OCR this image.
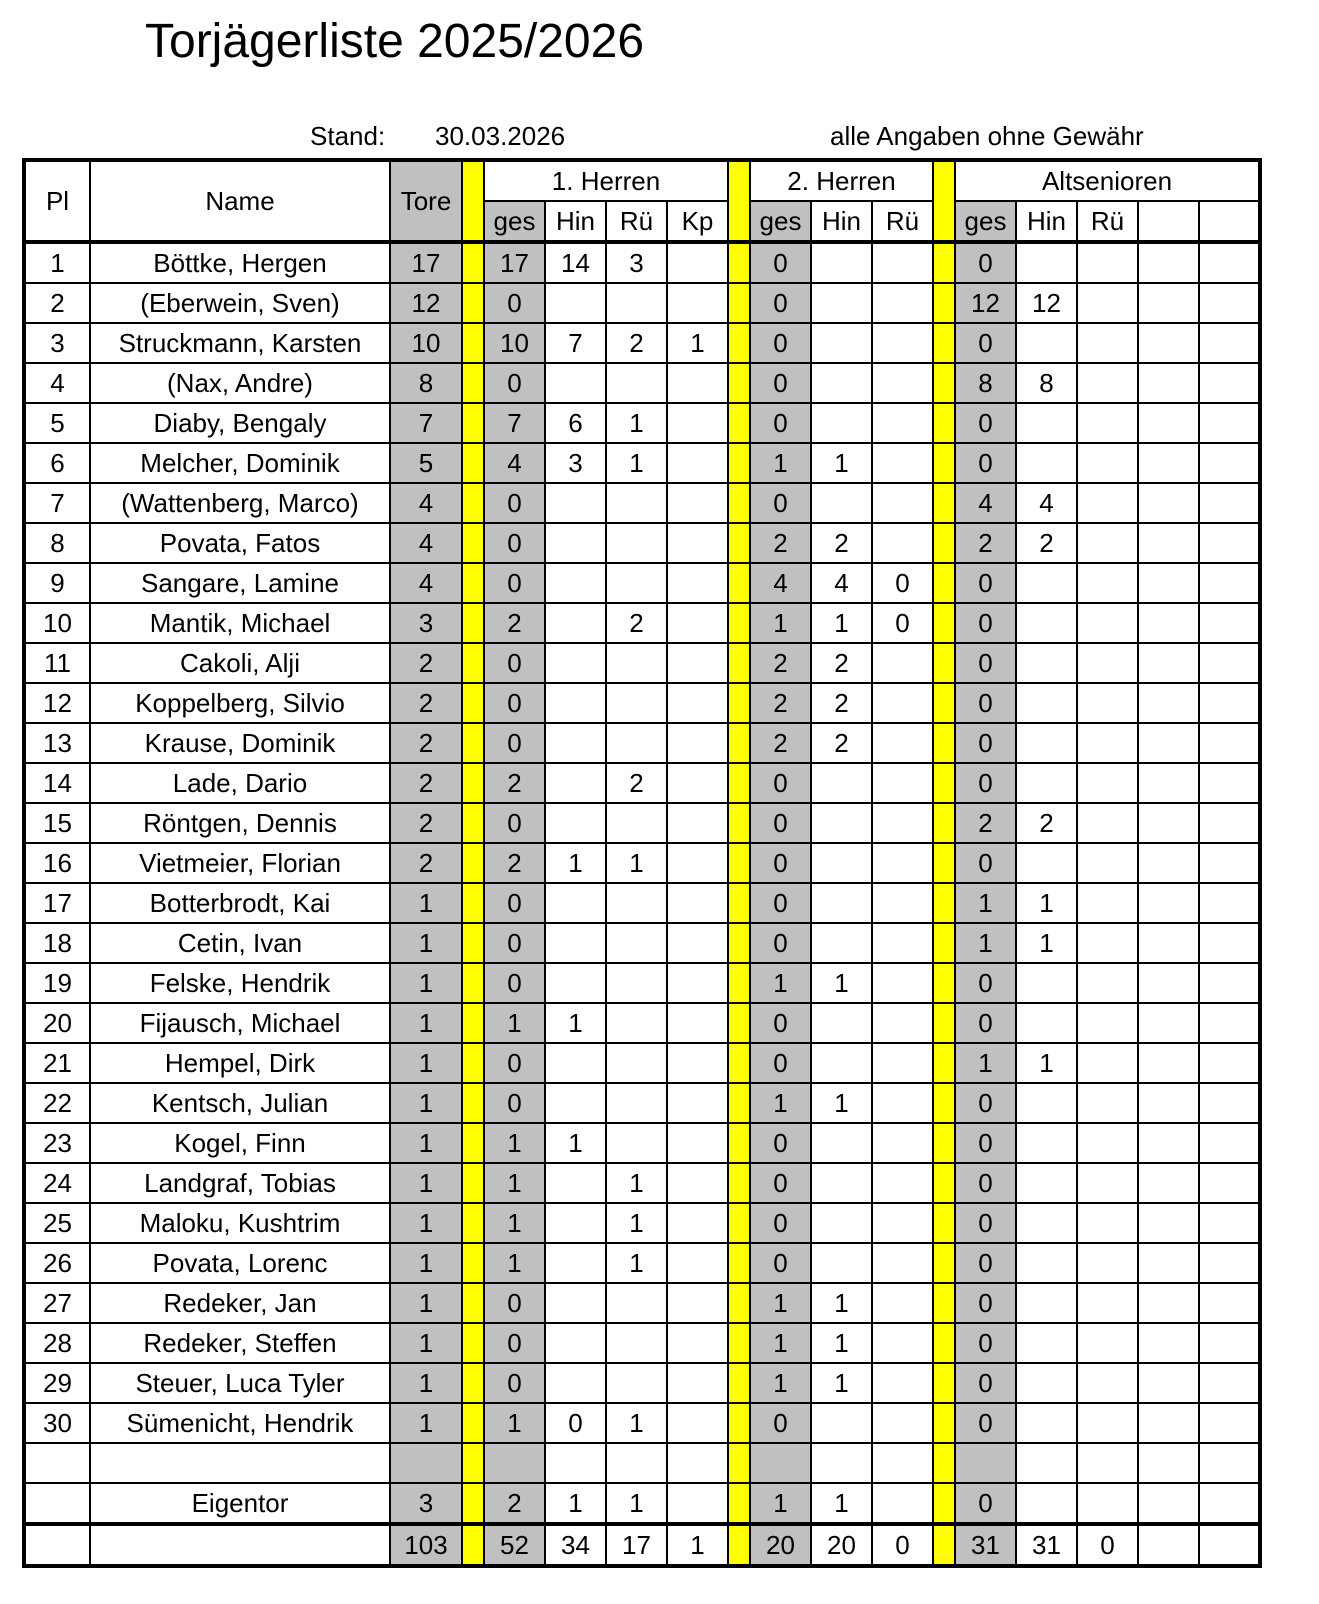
Torjägerliste 2025/2026
Stand: 30.03.2026	alle Angaben ohne Gewähr
Pl	Name	Tore		1. Herren					2. Herren				Altsenioren				
				ges	Hin	Rü	Kp		ges	Hin	Rü		ges	Hin	Rü		
1	Böttke, Hergen	17		17	14	3			0				0				
2	(Eberwein, Sven)	12		0					0				12	12			
3	Struckmann, Karsten	10		10	7	2	1		0				0				
4	(Nax, Andre)	8		0					0				8	8			
5	Diaby, Bengaly	7		7	6	1			0				0				
6	Melcher, Dominik	5		4	3	1			1	1			0				
7	(Wattenberg, Marco)	4		0					0				4	4			
8	Povata, Fatos	4		0					2	2			2	2			
9	Sangare, Lamine	4		0					4	4	0		0				
10	Mantik, Michael	3		2		2			1	1	0		0				
11	Cakoli, Alji	2		0					2	2			0				
12	Koppelberg, Silvio	2		0					2	2			0				
13	Krause, Dominik	2		0					2	2			0				
14	Lade, Dario	2		2		2			0				0				
15	Röntgen, Dennis	2		0					0				2	2			
16	Vietmeier, Florian	2		2	1	1			0				0				
17	Botterbrodt, Kai	1		0					0				1	1			
18	Cetin, Ivan	1		0					0				1	1			
19	Felske, Hendrik	1		0					1	1			0				
20	Fijausch, Michael	1		1	1				0				0				
21	Hempel, Dirk	1		0					0				1	1			
22	Kentsch, Julian	1		0					1	1			0				
23	Kogel, Finn	1		1	1				0				0				
24	Landgraf, Tobias	1		1		1			0				0				
25	Maloku, Kushtrim	1		1		1			0				0				
26	Povata, Lorenc	1		1		1			0				0				
27	Redeker, Jan	1		0					1	1			0				
28	Redeker, Steffen	1		0					1	1			0				
29	Steuer, Luca Tyler	1		0					1	1			0				
30	Sümenicht, Hendrik	1		1	0	1			0				0				

	Eigentor	3		2	1	1			1	1			0				
		103		52	34	17	1		20	20	0		31	31	0		
